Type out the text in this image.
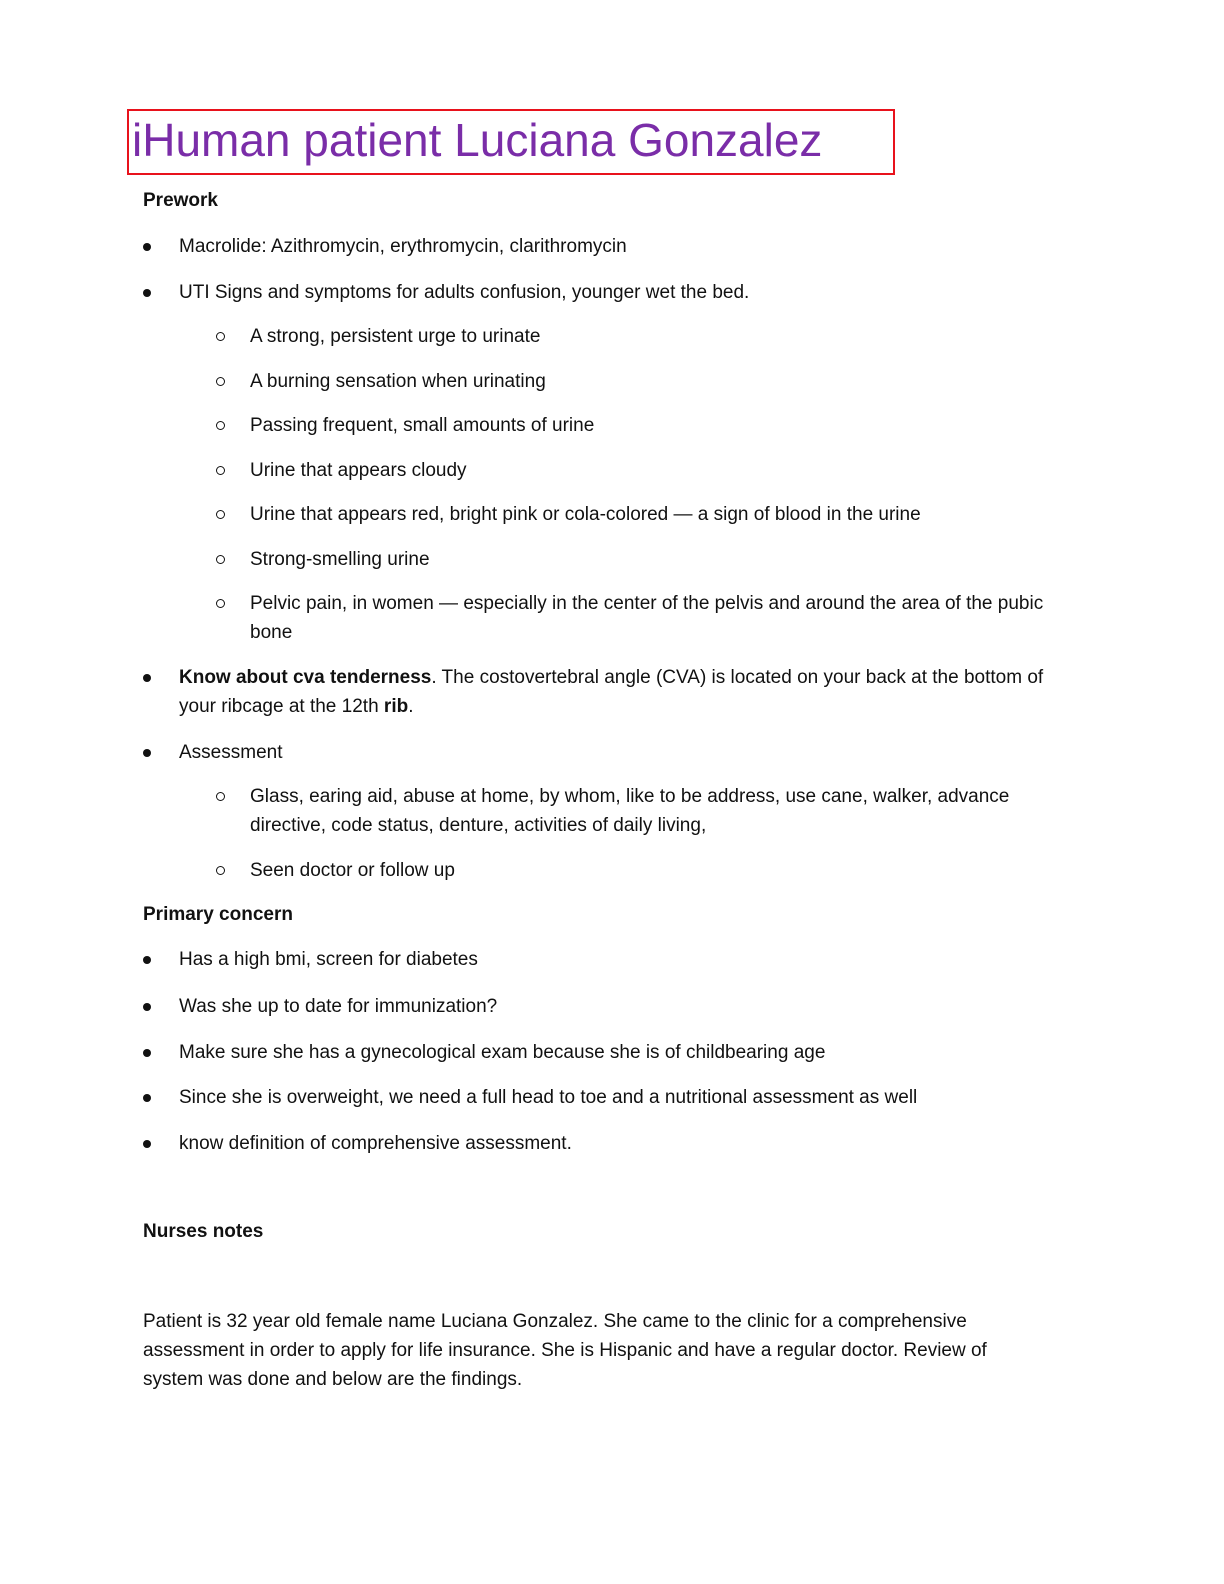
iHuman patient Luciana Gonzalez
Prework
Macrolide: Azithromycin, erythromycin, clarithromycin
UTI Signs and symptoms for adults confusion, younger wet the bed.
A strong, persistent urge to urinate
A burning sensation when urinating
Passing frequent, small amounts of urine
Urine that appears cloudy
Urine that appears red, bright pink or cola-colored — a sign of blood in the urine
Strong-smelling urine
Pelvic pain, in women — especially in the center of the pelvis and around the area of the pubic bone
Know about cva tenderness. The costovertebral angle (CVA) is located on your back at the bottom of your ribcage at the 12th rib.
Assessment
Glass, earing aid, abuse at home, by whom, like to be address, use cane, walker, advance directive, code status, denture, activities of daily living,
Seen doctor or follow up
Primary concern
Has a high bmi, screen for diabetes
Was she up to date for immunization?
Make sure she has a gynecological exam because she is of childbearing age
Since she is overweight, we need a full head to toe and a nutritional assessment as well
know definition of comprehensive assessment.
Nurses notes

Patient is 32 year old female name Luciana Gonzalez. She came to the clinic for a comprehensive assessment in order to apply for life insurance. She is Hispanic and have a regular doctor. Review of system was done and below are the findings.
